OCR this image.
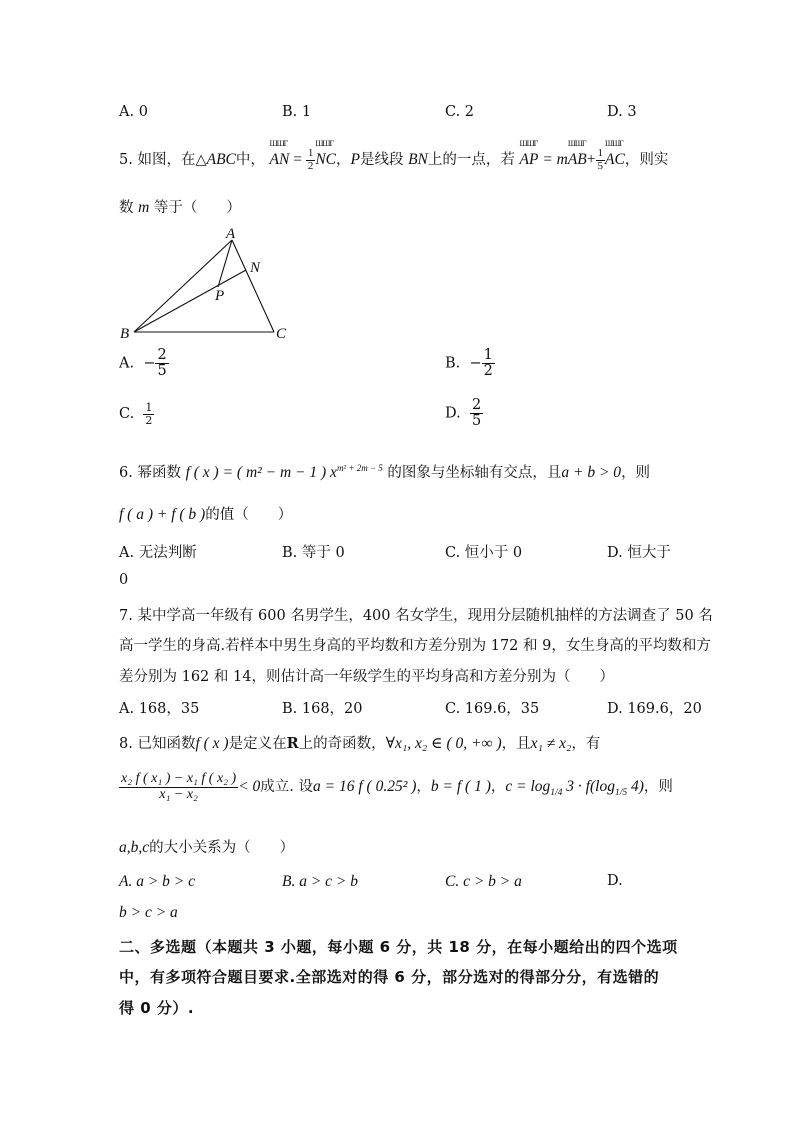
A. 0	B. 1	C. 2	D. 3
5. 如图，在△ABC中， ШШГ AN = $\frac{1}{2}$ ШШГ NC，P是线段 BN上的一点，若 ШШГ AP = mШШГ $AB+ \frac{1}{5}$ ШШГ AC，则实
数 m 等于（　　）
A
B	C
N
P
A. − $\frac{2}{5}$	B. − $\frac{1}{2}$
C. $\frac{1}{2}$	D. $\frac{2}{5}$
6. 幂函数 f ( x ) = ( m² − m − 1 ) $x^{m^2 + 2m - 5}$ 的图象与坐标轴有交点，且a + b > 0，则
f ( a ) + f ( b )的值（　　）
A. 无法判断	B. 等于 0	C. 恒小于 0	D. 恒大于
0
7. 某中学高一年级有 600 名男学生，400 名女学生，现用分层随机抽样的方法调查了 50 名
高一学生的身高.若样本中男生身高的平均数和方差分别为 172 和 9，女生身高的平均数和方
差分别为 162 和 14，则估计高一年级学生的平均身高和方差分别为（　　）
A. 168，35	B. 168，20	C. 169.6，35	D. 169.6，20
8. 已知函数f ( x )是定义在R上的奇函数，∀x₁, x₂ ∈ ( 0, +∞ )，且x₁ ≠ x₂，有
$\frac{\text{x₂ f ( x₁ ) − x₁ f ( x₂ )}}{\text{x₁ − x₂}} < 0$成立. 设a = 16 f ( 0.25² )，b = f ( 1 )，$c = \log_{1/4} 3 \cdot f(\log_{1/5}$ 4)，则
a,b,c的大小关系为（　　）
A. a > b > c	B. a > c > b	C. c > b > a	D.
b > c > a
二、多选题（本题共 3 小题，每小题 6 分，共 18 分，在每小题给出的四个选项
中，有多项符合题目要求.全部选对的得 6 分，部分选对的得部分分，有选错的
得 0 分）.
